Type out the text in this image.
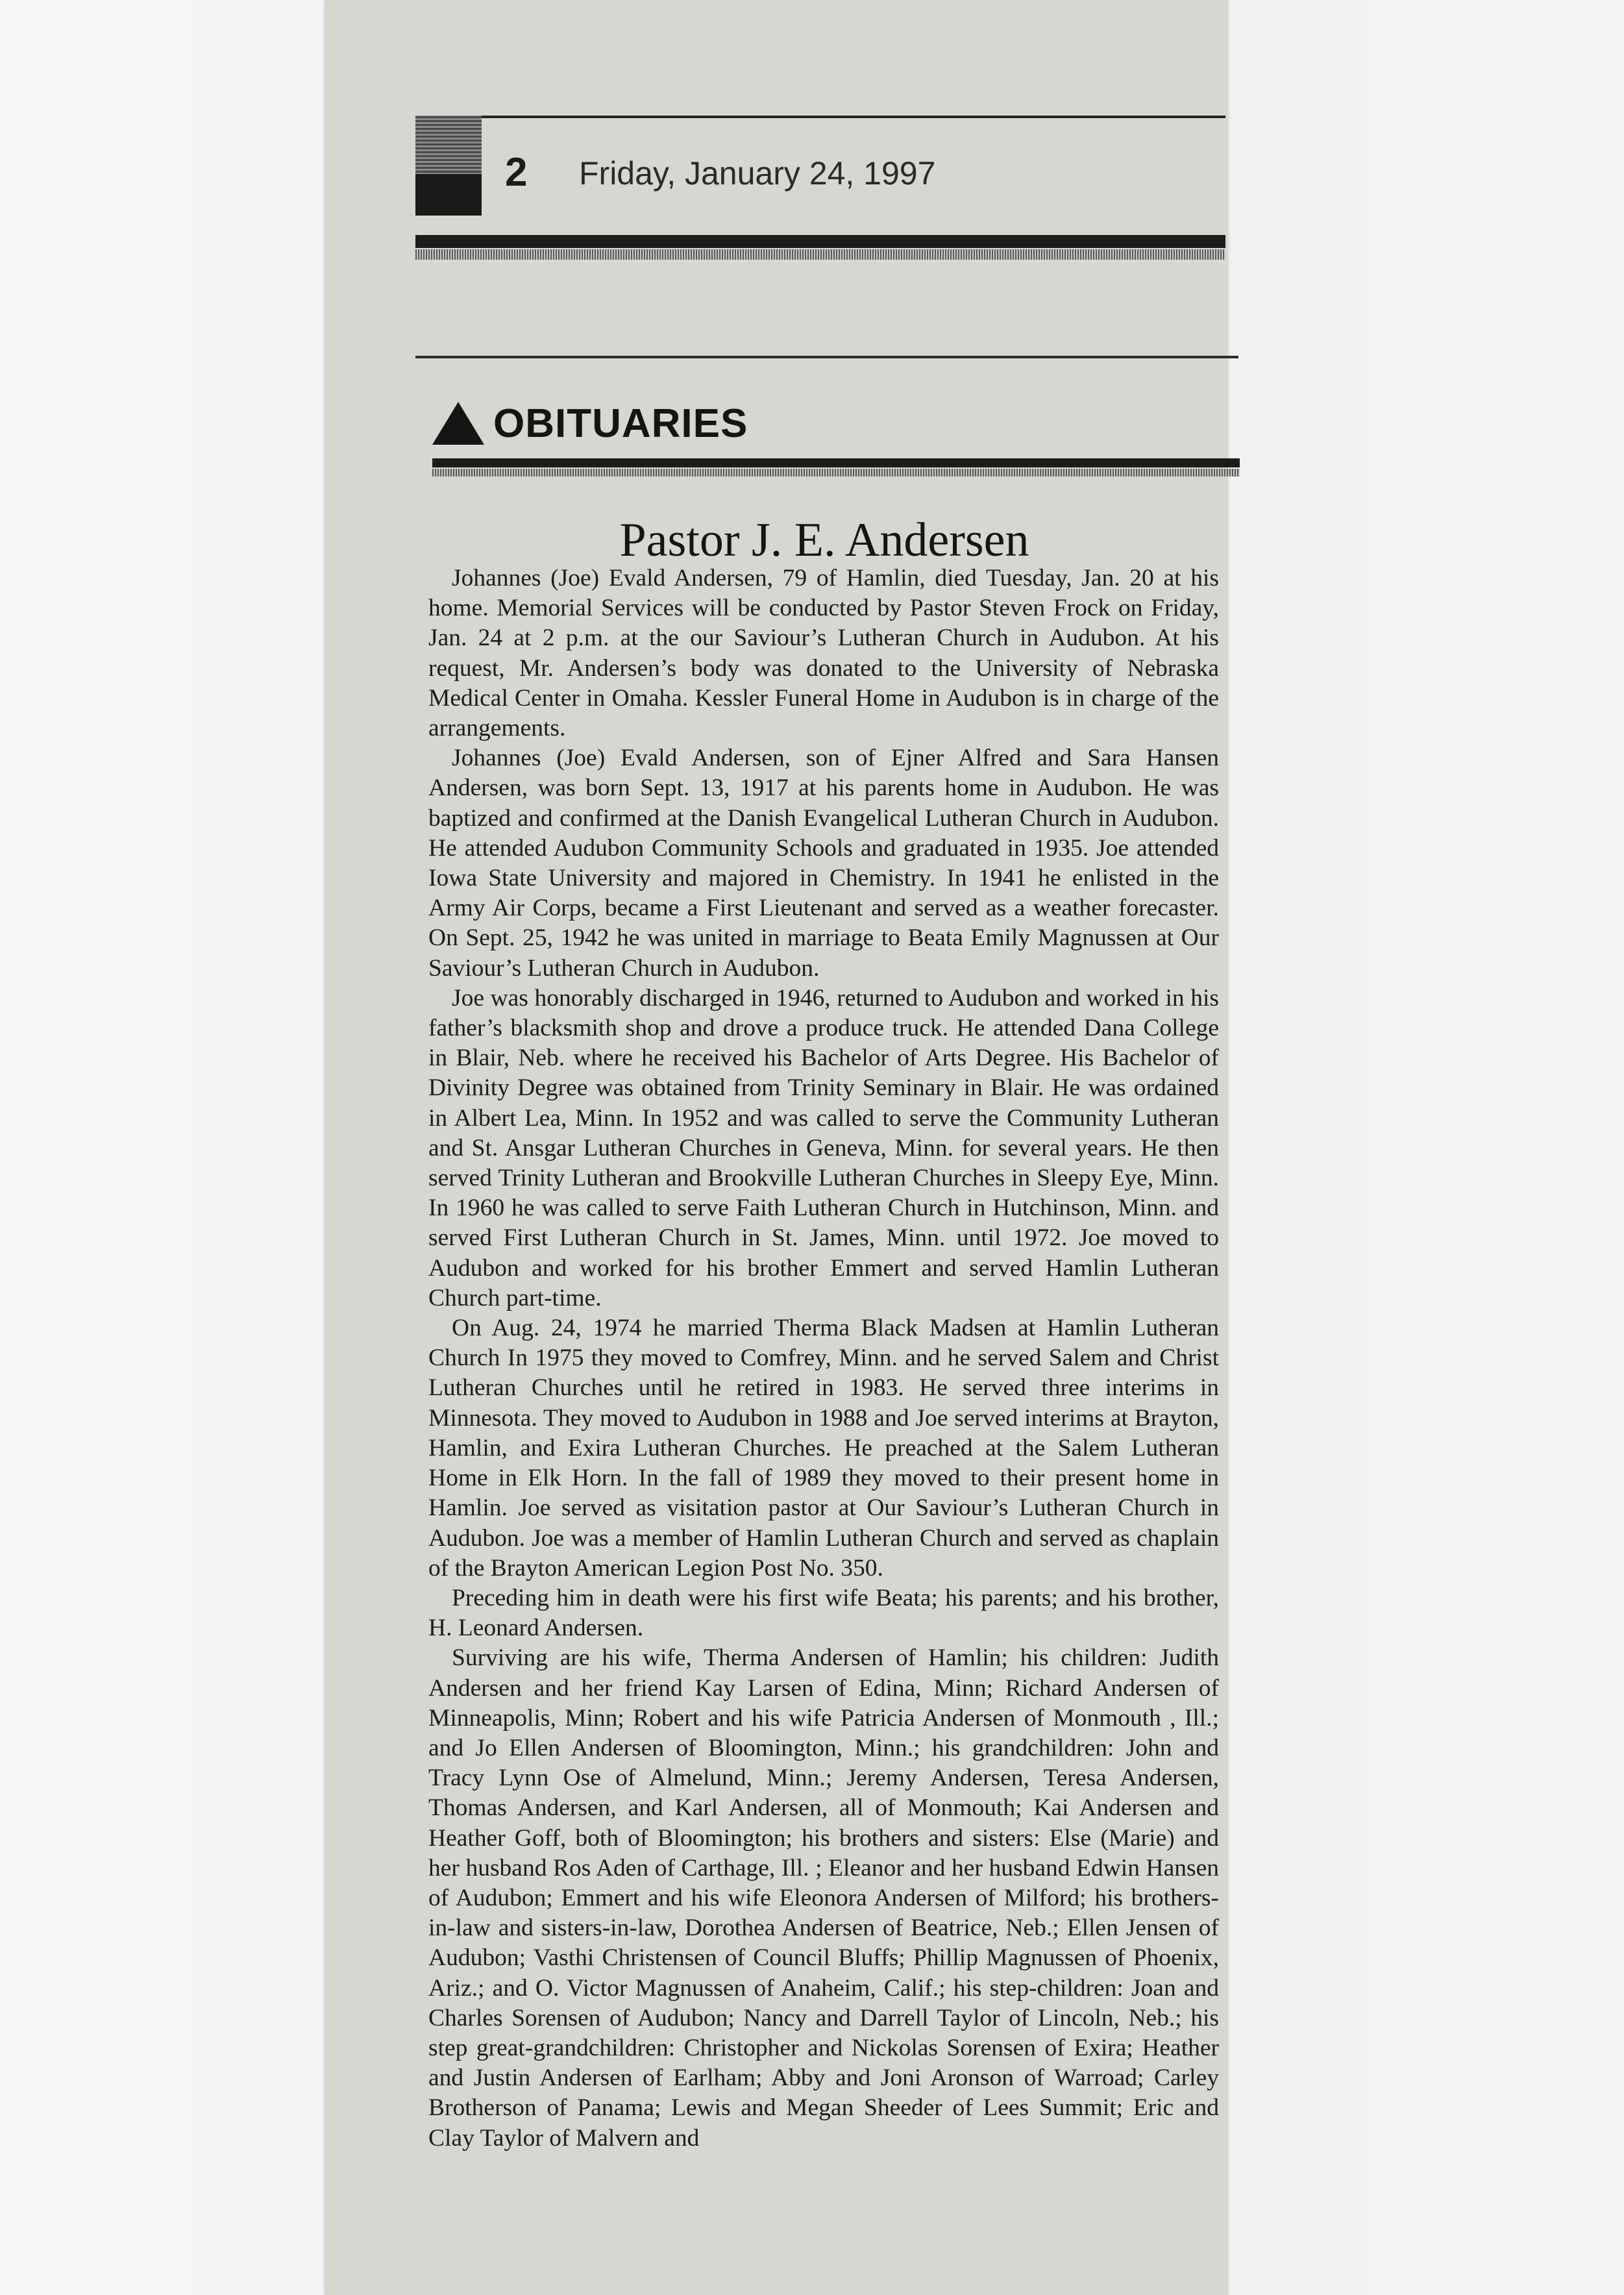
2 Friday, January 24, 1997
OBITUARIES
Pastor J. E. Andersen

Johannes (Joe) Evald Andersen, 79 of Hamlin, died Tuesday, Jan. 20 at his home. Memorial Services will be conducted by Pastor Steven Frock on Friday, Jan. 24 at 2 p.m. at the our Saviour’s Lutheran Church in Audubon. At his request, Mr. Andersen’s body was donated to the University of Nebraska Medical Center in Omaha. Kessler Funeral Home in Audubon is in charge of the arrangements.

Johannes (Joe) Evald Andersen, son of Ejner Alfred and Sara Hansen Andersen, was born Sept. 13, 1917 at his parents home in Audubon. He was baptized and confirmed at the Danish Evangelical Lutheran Church in Audubon. He attended Audubon Community Schools and graduated in 1935. Joe attended Iowa State University and majored in Chemistry. In 1941 he enlisted in the Army Air Corps, became a First Lieutenant and served as a weather forecaster. On Sept. 25, 1942 he was united in marriage to Beata Emily Magnussen at Our Saviour’s Lutheran Church in Audubon.

Joe was honorably discharged in 1946, returned to Audubon and worked in his father’s blacksmith shop and drove a produce truck. He attended Dana College in Blair, Neb. where he received his Bachelor of Arts Degree. His Bachelor of Divinity Degree was obtained from Trinity Seminary in Blair. He was ordained in Albert Lea, Minn. In 1952 and was called to serve the Community Lutheran and St. Ansgar Lutheran Churches in Geneva, Minn. for several years. He then served Trinity Lutheran and Brookville Lutheran Churches in Sleepy Eye, Minn. In 1960 he was called to serve Faith Lutheran Church in Hutchinson, Minn. and served First Lutheran Church in St. James, Minn. until 1972. Joe moved to Audubon and worked for his brother Emmert and served Hamlin Lutheran Church part-time.

On Aug. 24, 1974 he married Therma Black Madsen at Hamlin Lutheran Church In 1975 they moved to Comfrey, Minn. and he served Salem and Christ Lutheran Churches until he retired in 1983. He served three interims in Minnesota. They moved to Audubon in 1988 and Joe served interims at Brayton, Hamlin, and Exira Lutheran Churches. He preached at the Salem Lutheran Home in Elk Horn. In the fall of 1989 they moved to their present home in Hamlin. Joe served as visitation pastor at Our Saviour’s Lutheran Church in Audubon. Joe was a member of Hamlin Lutheran Church and served as chaplain of the Brayton American Legion Post No. 350.

Preceding him in death were his first wife Beata; his parents; and his brother, H. Leonard Andersen.

Surviving are his wife, Therma Andersen of Hamlin; his children: Judith Andersen and her friend Kay Larsen of Edina, Minn; Richard Andersen of Minneapolis, Minn; Robert and his wife Patricia Andersen of Monmouth , Ill.; and Jo Ellen Andersen of Bloomington, Minn.; his grandchildren: John and Tracy Lynn Ose of Almelund, Minn.; Jeremy Andersen, Teresa Andersen, Thomas Andersen, and Karl Andersen, all of Monmouth; Kai Andersen and Heather Goff, both of Bloomington; his brothers and sisters: Else (Marie) and her husband Ros Aden of Carthage, Ill. ; Eleanor and her husband Edwin Hansen of Audubon; Emmert and his wife Eleonora Andersen of Milford; his brothers-in-law and sisters-in-law, Dorothea Andersen of Beatrice, Neb.; Ellen Jensen of Audubon; Vasthi Christensen of Council Bluffs; Phillip Magnussen of Phoenix, Ariz.; and O. Victor Magnussen of Anaheim, Calif.; his step-children: Joan and Charles Sorensen of Audubon; Nancy and Darrell Taylor of Lincoln, Neb.; his step great-grandchildren: Christopher and Nickolas Sorensen of Exira; Heather and Justin Andersen of Earlham; Abby and Joni Aronson of Warroad; Carley Brotherson of Panama; Lewis and Megan Sheeder of Lees Summit; Eric and Clay Taylor of Malvern and
